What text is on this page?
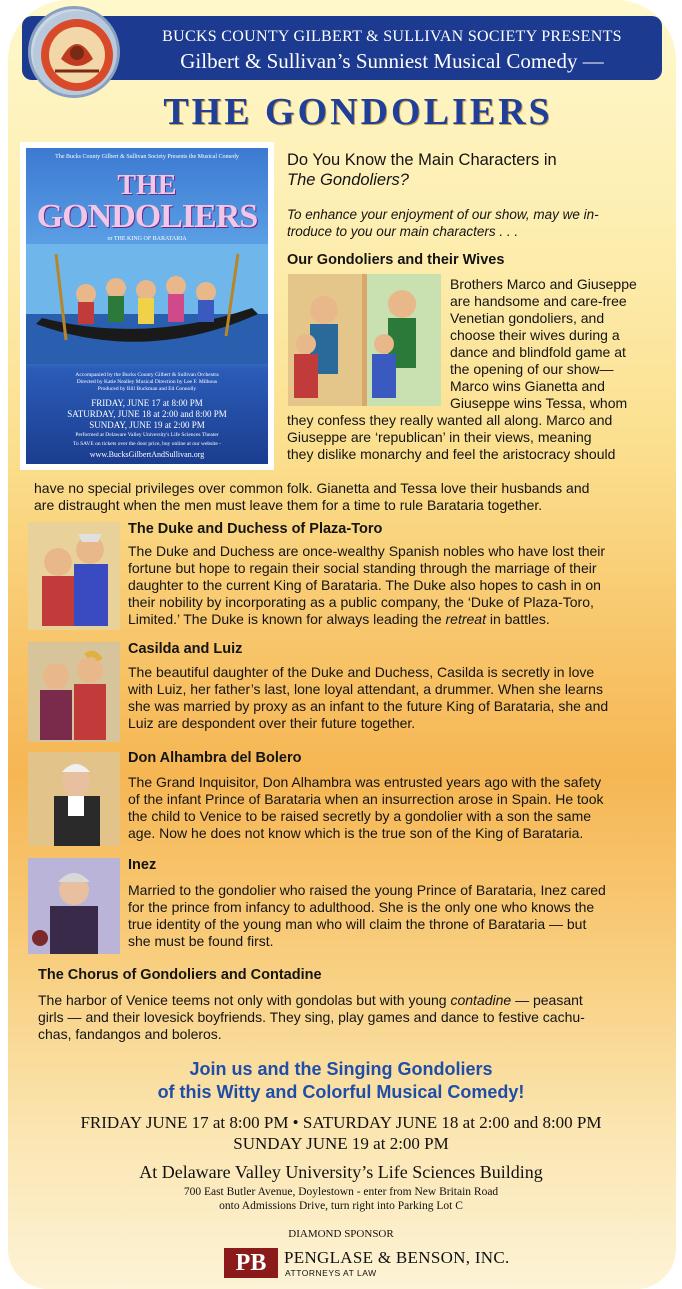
BUCKS COUNTY GILBERT & SULLIVAN SOCIETY PRESENTS
Gilbert & Sullivan’s Sunniest Musical Comedy —
THE GONDOLIERS
The Bucks County Gilbert & Sullivan Society Presents the Musical Comedy
THE
GONDOLIERS
or THE KING OF BARATARIA
Accompanied by the Bucks County Gilbert & Sullivan Orchestra
Directed by Katie Nealley Musical Direction by Lee F. Milhous
Produced by Bill Buckman and Ed Connolly
FRIDAY, JUNE 17 at 8:00 PM
SATURDAY, JUNE 18 at 2:00 and 8:00 PM
SUNDAY, JUNE 19 at 2:00 PM
Performed at Delaware Valley University's Life Sciences Theater
To SAVE on tickets over the door price, buy online at our website -
www.BucksGilbertAndSullivan.org
Do You Know the Main Characters in
The Gondoliers?
To enhance your enjoyment of our show, may we in-
troduce to you our main characters . . .
Our Gondoliers and their Wives
Brothers Marco and Giuseppe
are handsome and care-free
Venetian gondoliers, and
choose their wives during a
dance and blindfold game at
the opening of our show—
Marco wins Gianetta and
Giuseppe wins Tessa, whom
they confess they really wanted all along. Marco and
Giuseppe are ‘republican’ in their views, meaning
they dislike monarchy and feel the aristocracy should
have no special privileges over common folk. Gianetta and Tessa love their husbands and
are distraught when the men must leave them for a time to rule Barataria together.
The Duke and Duchess of Plaza-Toro
The Duke and Duchess are once-wealthy Spanish nobles who have lost their
fortune but hope to regain their social standing through the marriage of their
daughter to the current King of Barataria. The Duke also hopes to cash in on
their nobility by incorporating as a public company, the ‘Duke of Plaza-Toro,
Limited.’ The Duke is known for always leading the retreat in battles.
Casilda and Luiz
The beautiful daughter of the Duke and Duchess, Casilda is secretly in love
with Luiz, her father’s last, lone loyal attendant, a drummer. When she learns
she was married by proxy as an infant to the future King of Barataria, she and
Luiz are despondent over their future together.
Don Alhambra del Bolero
The Grand Inquisitor, Don Alhambra was entrusted years ago with the safety
of the infant Prince of Barataria when an insurrection arose in Spain. He took
the child to Venice to be raised secretly by a gondolier with a son the same
age. Now he does not know which is the true son of the King of Barataria.
Inez
Married to the gondolier who raised the young Prince of Barataria, Inez cared
for the prince from infancy to adulthood. She is the only one who knows the
true identity of the young man who will claim the throne of Barataria — but
she must be found first.
The Chorus of Gondoliers and Contadine
The harbor of Venice teems not only with gondolas but with young contadine — peasant
girls — and their lovesick boyfriends. They sing, play games and dance to festive cachu-
chas, fandangos and boleros.
Join us and the Singing Gondoliers
of this Witty and Colorful Musical Comedy!
FRIDAY JUNE 17 at 8:00 PM • SATURDAY JUNE 18 at 2:00 and 8:00 PM
SUNDAY JUNE 19 at 2:00 PM
At Delaware Valley University’s Life Sciences Building
700 East Butler Avenue, Doylestown - enter from New Britain Road
onto Admissions Drive, turn right into Parking Lot C
DIAMOND SPONSOR
PB	PENGLASE & BENSON, INC.
ATTORNEYS AT LAW
